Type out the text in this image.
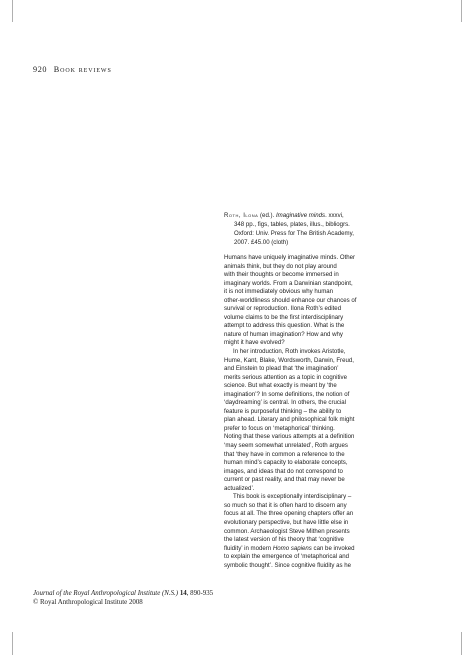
920 Book reviews
Roth, Ilona (ed.). Imaginative minds. xxxvi,
348 pp., figs, tables, plates, illus., bibliogrs.
Oxford: Univ. Press for The British Academy,
2007. £45.00 (cloth)
Humans have uniquely imaginative minds. Other
animals think, but they do not play around
with their thoughts or become immersed in
imaginary worlds. From a Darwinian standpoint,
it is not immediately obvious why human
other-worldliness should enhance our chances of
survival or reproduction. Ilona Roth’s edited
volume claims to be the first interdisciplinary
attempt to address this question. What is the
nature of human imagination? How and why
might it have evolved?
In her introduction, Roth invokes Aristotle,
Hume, Kant, Blake, Wordsworth, Darwin, Freud,
and Einstein to plead that ‘the imagination’
merits serious attention as a topic in cognitive
science. But what exactly is meant by ‘the
imagination’? In some definitions, the notion of
‘daydreaming’ is central. In others, the crucial
feature is purposeful thinking – the ability to
plan ahead. Literary and philosophical folk might
prefer to focus on ‘metaphorical’ thinking.
Noting that these various attempts at a definition
‘may seem somewhat unrelated’, Roth argues
that ‘they have in common a reference to the
human mind’s capacity to elaborate concepts,
images, and ideas that do not correspond to
current or past reality, and that may never be
actualized’.
This book is exceptionally interdisciplinary –
so much so that it is often hard to discern any
focus at all. The three opening chapters offer an
evolutionary perspective, but have little else in
common. Archaeologist Steve Mithen presents
the latest version of his theory that ‘cognitive
fluidity’ in modern Homo sapiens can be invoked
to explain the emergence of ‘metaphorical and
symbolic thought’. Since cognitive fluidity as he
Journal of the Royal Anthropological Institute (N.S.) 14, 890-935
© Royal Anthropological Institute 2008
